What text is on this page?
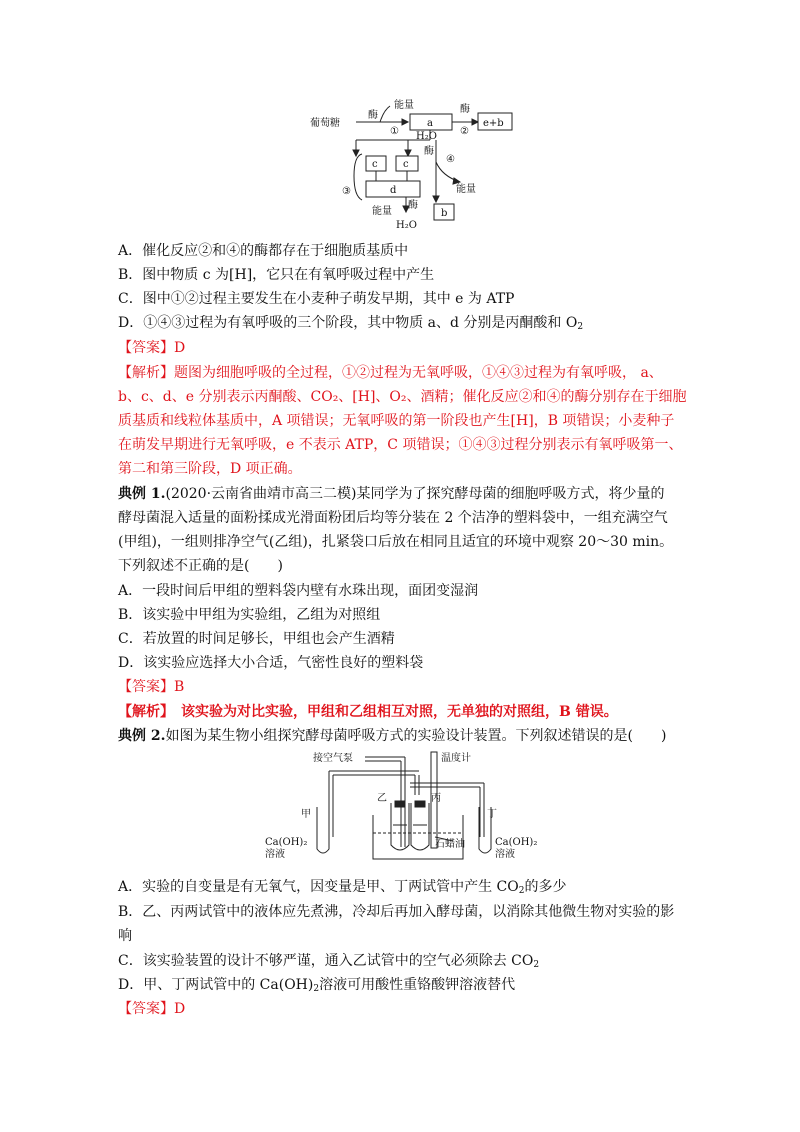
葡萄糖
酶
能量
①
a
酶
②
e+b
H₂O
酶
④
能量
c	c
d
③
能量
酶
H₂O
b
A．催化反应②和④的酶都存在于细胞质基质中
B．图中物质 c 为[H]，它只在有氧呼吸过程中产生
C．图中①②过程主要发生在小麦种子萌发早期，其中 e 为 ATP
D．①④③过程为有氧呼吸的三个阶段，其中物质 a、d 分别是丙酮酸和 $O_2$
【答案】D
【解析】题图为细胞呼吸的全过程，①②过程为无氧呼吸，①④③过程为有氧呼吸， a、
b、c、d、e 分别表示丙酮酸、CO₂、[H]、O₂、酒精；催化反应②和④的酶分别存在于细胞
质基质和线粒体基质中，A 项错误；无氧呼吸的第一阶段也产生[H]，B 项错误；小麦种子
在萌发早期进行无氧呼吸，e 不表示 ATP，C 项错误；①④③过程分别表示有氧呼吸第一、
第二和第三阶段，D 项正确。
典例 1.(2020·云南省曲靖市高三二模)某同学为了探究酵母菌的细胞呼吸方式，将少量的
酵母菌混入适量的面粉揉成光滑面粉团后均等分装在 2 个洁净的塑料袋中，一组充满空气
(甲组)，一组则排净空气(乙组)，扎紧袋口后放在相同且适宜的环境中观察 20～30 min。
下列叙述不正确的是(　　)
A．一段时间后甲组的塑料袋内壁有水珠出现，面团变湿润
B．该实验中甲组为实验组，乙组为对照组
C．若放置的时间足够长，甲组也会产生酒精
D．该实验应选择大小合适，气密性良好的塑料袋
【答案】B
【解析】　 该实验为对比实验，甲组和乙组相互对照，无单独的对照组，B 错误。
典例 2.如图为某生物小组探究酵母菌呼吸方式的实验设计装置。下列叙述错误的是(　　)
接空气泵	温度计
甲
乙	丙
丁
石蜡油
Ca(OH)₂
溶液
Ca(OH)₂
溶液
A．实验的自变量是有无氧气，因变量是甲、丁两试管中产生 $CO_2$的多少
B．乙、丙两试管中的液体应先煮沸，冷却后再加入酵母菌，以消除其他微生物对实验的影
响
C．该实验装置的设计不够严谨，通入乙试管中的空气必须除去 $CO_2$
D．甲、丁两试管中的 $Ca(OH)_2$溶液可用酸性重铬酸钾溶液替代
【答案】D
